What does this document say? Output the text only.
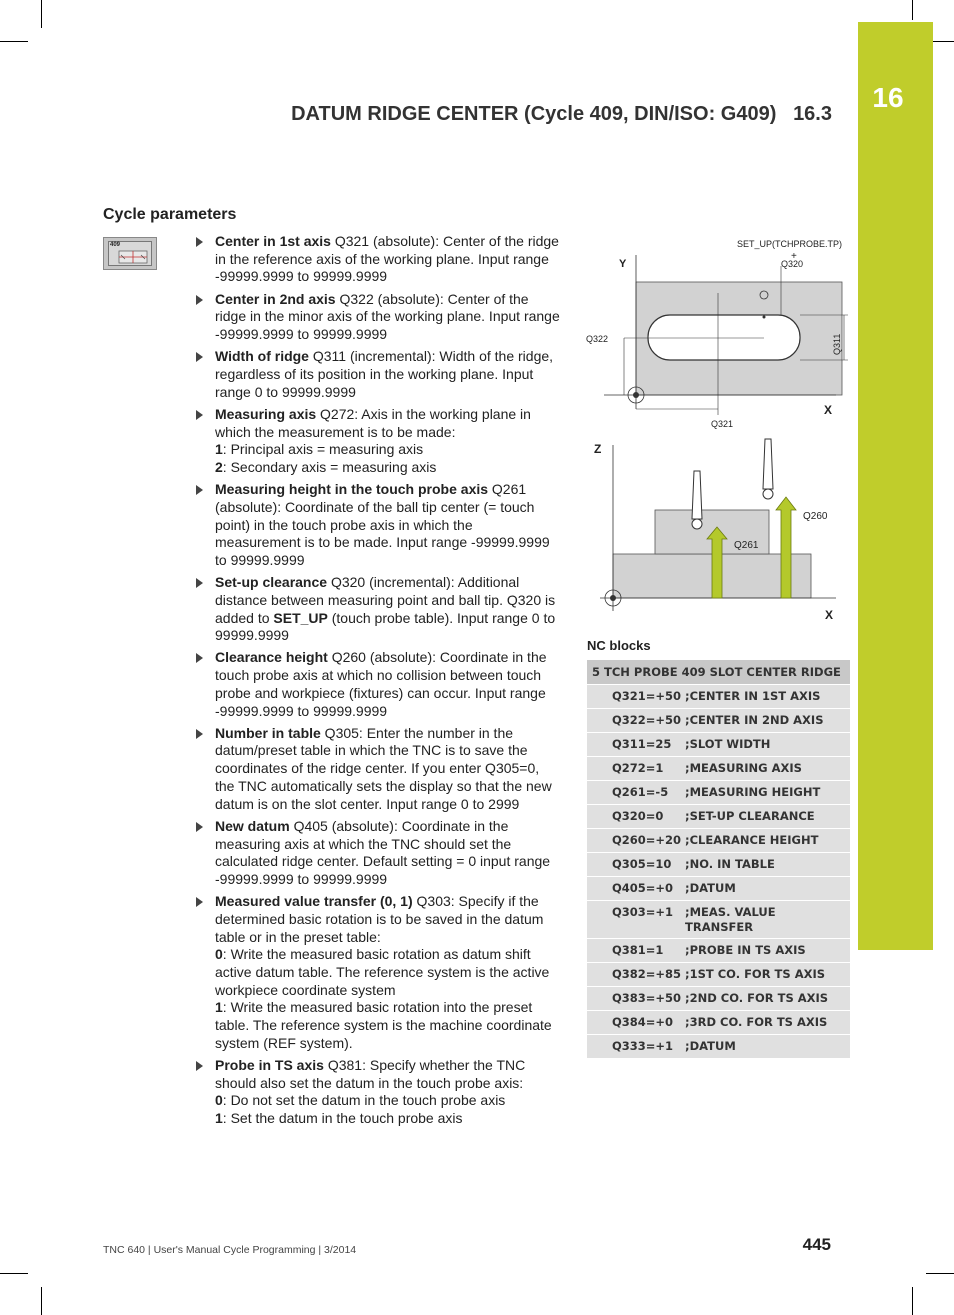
16
DATUM RIDGE CENTER (Cycle 409, DIN/ISO: G409) 16.3
Cycle parameters
409	Center in 1st axis Q321 (absolute): Center of the ridge in the reference axis of the working plane. Input range -99999.9999 to 99999.9999
Center in 2nd axis Q322 (absolute): Center of the ridge in the minor axis of the working plane. Input range -99999.9999 to 99999.9999
Width of ridge Q311 (incremental): Width of the ridge, regardless of its position in the working plane. Input range 0 to 99999.9999
Measuring axis Q272: Axis in the working plane in which the measurement is to be made:
1: Principal axis = measuring axis
2: Secondary axis = measuring axis
Measuring height in the touch probe axis Q261 (absolute): Coordinate of the ball tip center (= touch point) in the touch probe axis in which the measurement is to be made. Input range -99999.9999 to 99999.9999
Set-up clearance Q320 (incremental): Additional distance between measuring point and ball tip. Q320 is added to SET_UP (touch probe table). Input range 0 to 99999.9999
Clearance height Q260 (absolute): Coordinate in the touch probe axis at which no collision between touch probe and workpiece (fixtures) can occur. Input range -99999.9999 to 99999.9999
Number in table Q305: Enter the number in the datum/preset table in which the TNC is to save the coordinates of the ridge center. If you enter Q305=0, the TNC automatically sets the display so that the new datum is on the slot center. Input range 0 to 2999
New datum Q405 (absolute): Coordinate in the measuring axis at which the TNC should set the calculated ridge center. Default setting = 0 input range -99999.9999 to 99999.9999
Measured value transfer (0, 1) Q303: Specify if the determined basic rotation is to be saved in the datum table or in the preset table:
0: Write the measured basic rotation as datum shift active datum table. The reference system is the active workpiece coordinate system
1: Write the measured basic rotation into the preset table. The reference system is the machine coordinate system (REF system).
Probe in TS axis Q381: Specify whether the TNC should also set the datum in the touch probe axis:
0: Do not set the datum in the touch probe axis
1: Set the datum in the touch probe axis
SET_UP(TCHPROBE.TP)
+
Q320
Y
X
Q322	Q311
Q321
Z
X
Q260
Q261
NC blocks
5 TCH PROBE 409 SLOT CENTER RIDGE
Q321=+50 ;CENTER IN 1ST AXIS
Q322=+50 ;CENTER IN 2ND AXIS
Q311=25	;SLOT WIDTH
Q272=1	;MEASURING AXIS
Q261=-5	;MEASURING HEIGHT
Q320=0	;SET-UP CLEARANCE
Q260=+20 ;CLEARANCE HEIGHT
Q305=10	;NO. IN TABLE
Q405=+0	;DATUM
Q303=+1	;MEAS. VALUE TRANSFER
Q381=1	;PROBE IN TS AXIS
Q382=+85 ;1ST CO. FOR TS AXIS
Q383=+50 ;2ND CO. FOR TS AXIS
Q384=+0	;3RD CO. FOR TS AXIS
Q333=+1	;DATUM
TNC 640 | User's Manual Cycle Programming | 3/2014	445
